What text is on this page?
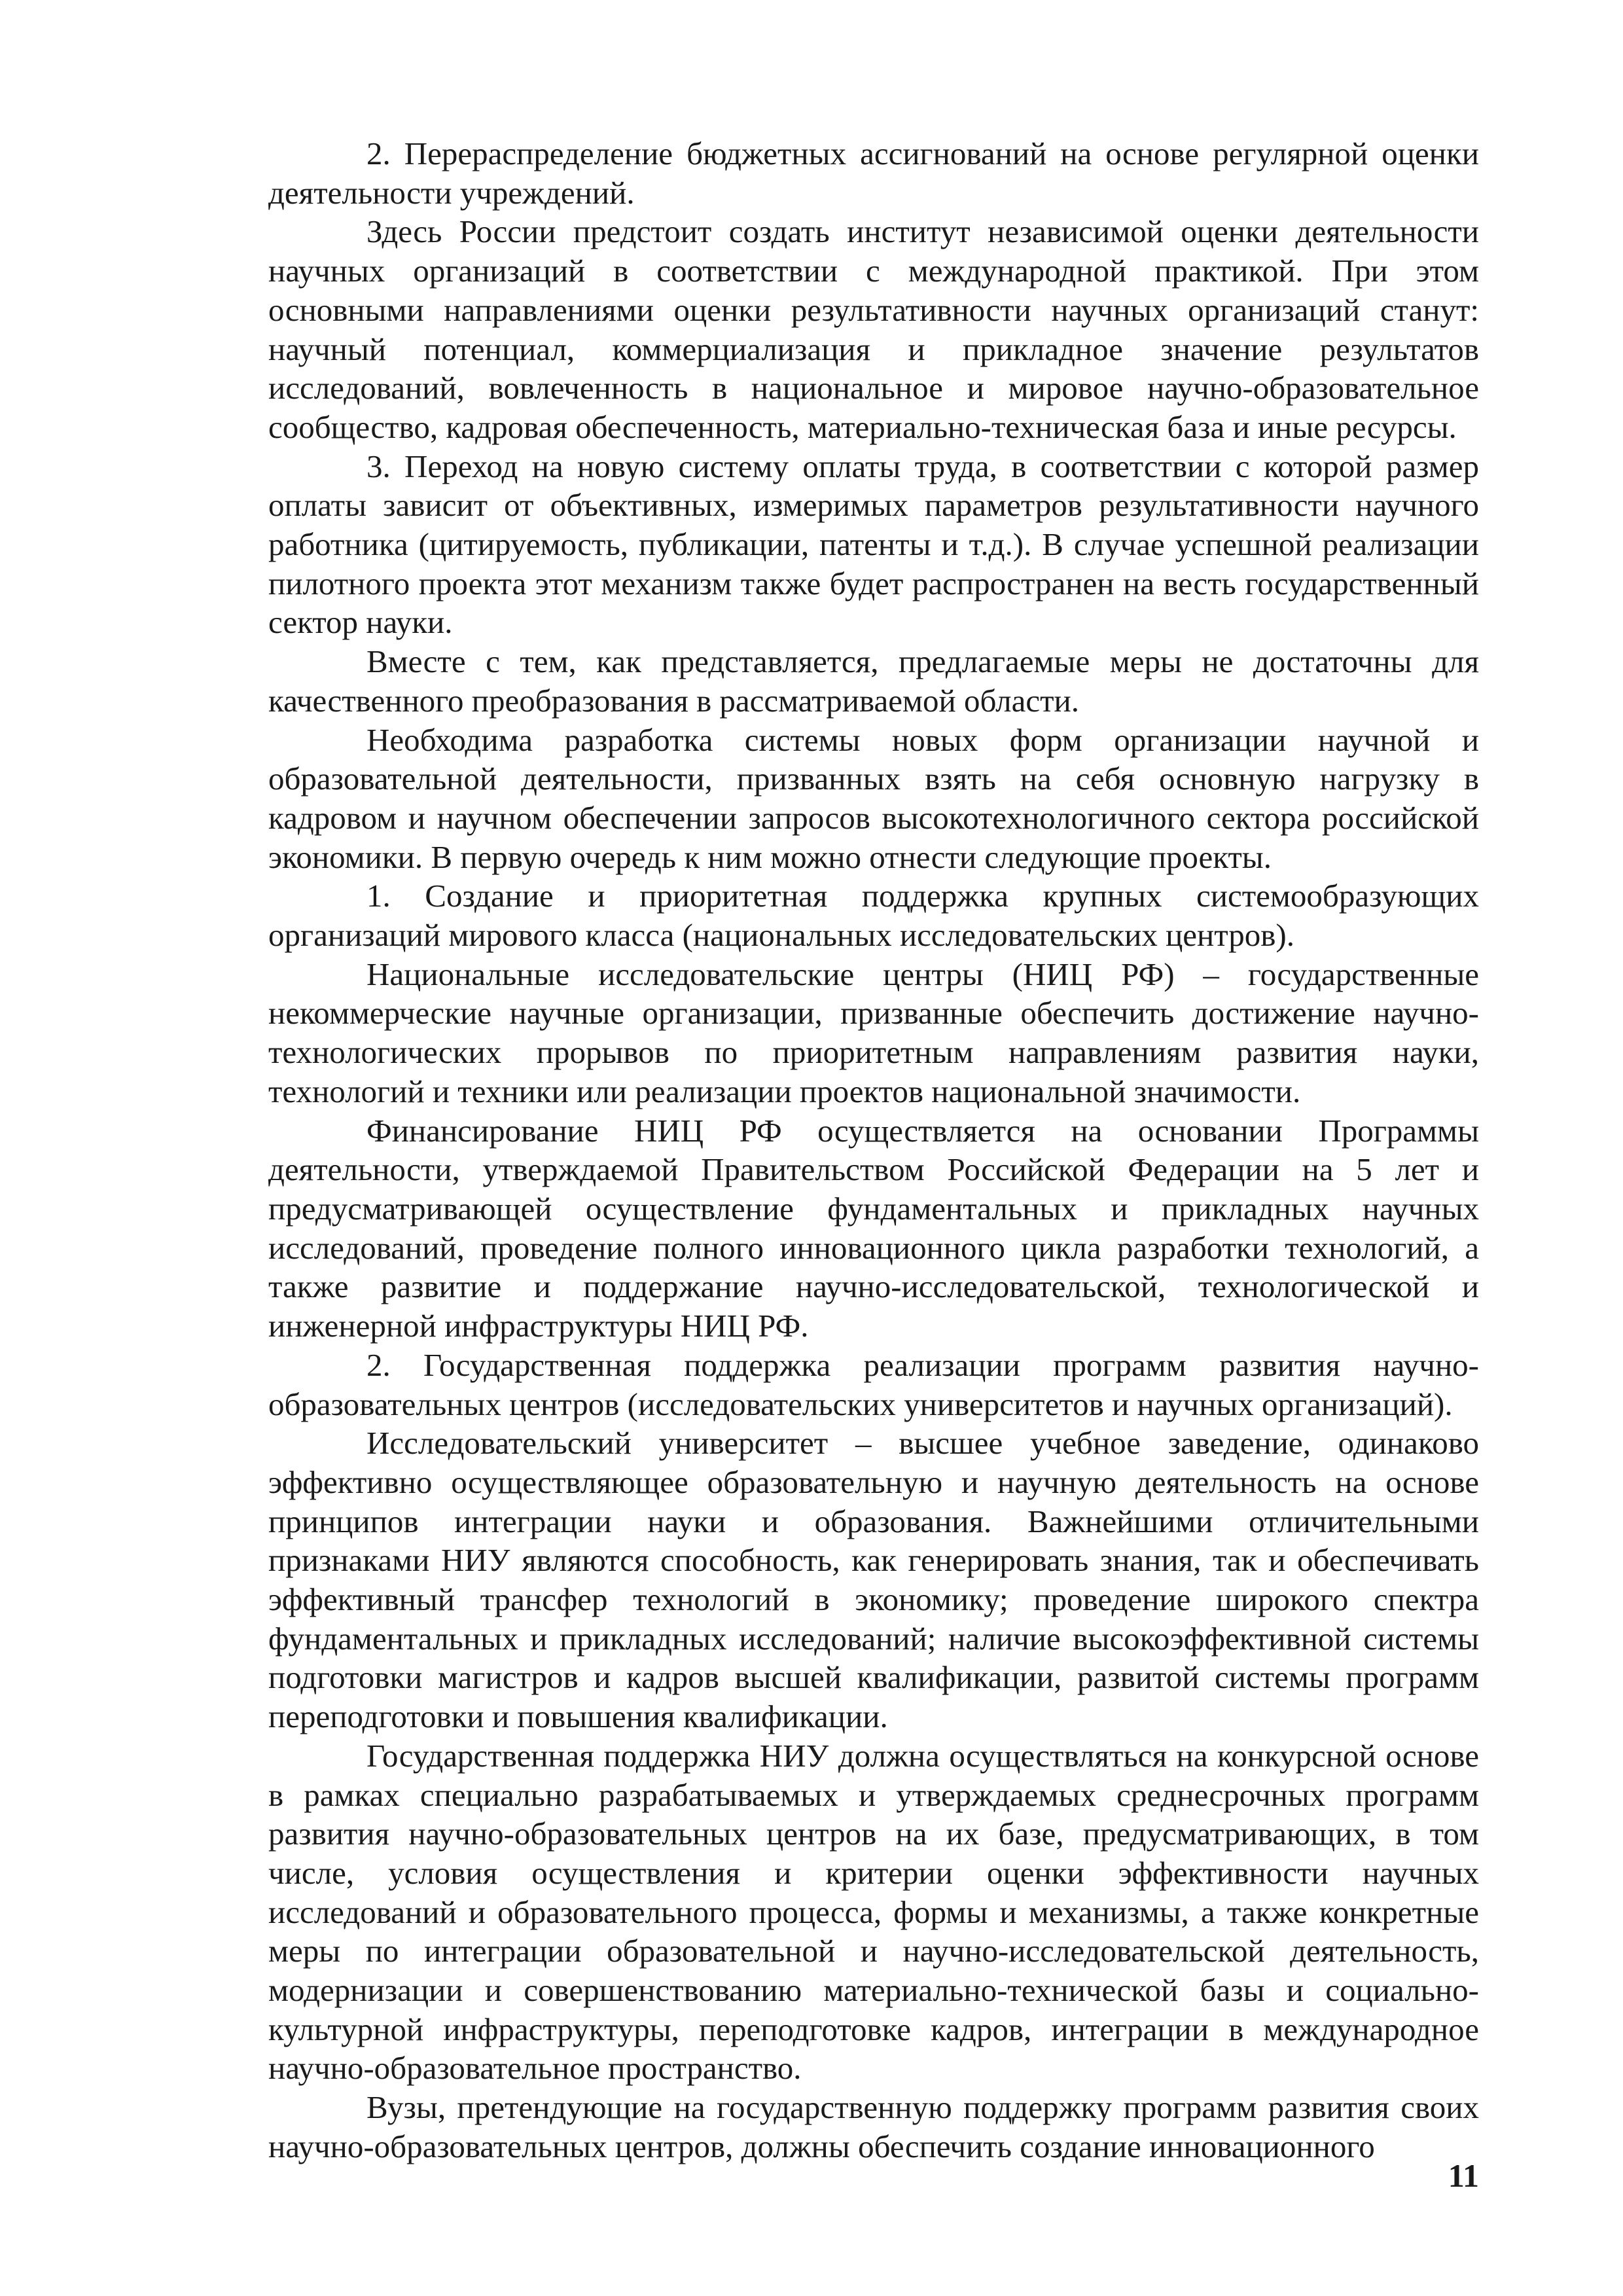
2. Перераспределение бюджетных ассигнований на основе регулярной оценки деятельности учреждений.

Здесь России предстоит создать институт независимой оценки деятельности научных организаций в соответствии с международной практикой. При этом основными направлениями оценки результативности научных организаций станут: научный потенциал, коммерциализация и прикладное значение результатов исследований, вовлеченность в национальное и мировое научно-образовательное сообщество, кадровая обеспеченность, материально-техническая база и иные ресурсы.

3. Переход на новую систему оплаты труда, в соответствии с которой размер оплаты зависит от объективных, измеримых параметров результативности научного работника (цитируемость, публикации, патенты и т.д.). В случае успешной реализации пилотного проекта этот механизм также будет распространен на весть государственный сектор науки.

Вместе с тем, как представляется, предлагаемые меры не достаточны для качественного преобразования в рассматриваемой области.

Необходима разработка системы новых форм организации научной и образовательной деятельности, призванных взять на себя основную нагрузку в кадровом и научном обеспечении запросов высокотехнологичного сектора российской экономики. В первую очередь к ним можно отнести следующие проекты.

1. Создание и приоритетная поддержка крупных системообразующих организаций мирового класса (национальных исследовательских центров).

Национальные исследовательские центры (НИЦ РФ) – государственные некоммерческие научные организации, призванные обеспечить достижение научно-технологических прорывов по приоритетным направлениям развития науки, технологий и техники или реализации проектов национальной значимости.

Финансирование НИЦ РФ осуществляется на основании Программы деятельности, утверждаемой Правительством Российской Федерации на 5 лет и предусматривающей осуществление фундаментальных и прикладных научных исследований, проведение полного инновационного цикла разработки технологий, а также развитие и поддержание научно-исследовательской, технологической и инженерной инфраструктуры НИЦ РФ.

2. Государственная поддержка реализации программ развития научно-образовательных центров (исследовательских университетов и научных организаций).

Исследовательский университет – высшее учебное заведение, одинаково эффективно осуществляющее образовательную и научную деятельность на основе принципов интеграции науки и образования. Важнейшими отличительными признаками НИУ являются способность, как генерировать знания, так и обеспечивать эффективный трансфер технологий в экономику; проведение широкого спектра фундаментальных и прикладных исследований; наличие высокоэффективной системы подготовки магистров и кадров высшей квалификации, развитой системы программ переподготовки и повышения квалификации.

Государственная поддержка НИУ должна осуществляться на конкурсной основе в рамках специально разрабатываемых и утверждаемых среднесрочных программ развития научно-образовательных центров на их базе, предусматривающих, в том числе, условия осуществления и критерии оценки эффективности научных исследований и образовательного процесса, формы и механизмы, а также конкретные меры по интеграции образовательной и научно-исследовательской деятельность, модернизации и совершенствованию материально-технической базы и социально-культурной инфраструктуры, переподготовке кадров, интеграции в международное научно-образовательное пространство.

Вузы, претендующие на государственную поддержку программ развития своих научно-образовательных центров, должны обеспечить создание инновационного

11
